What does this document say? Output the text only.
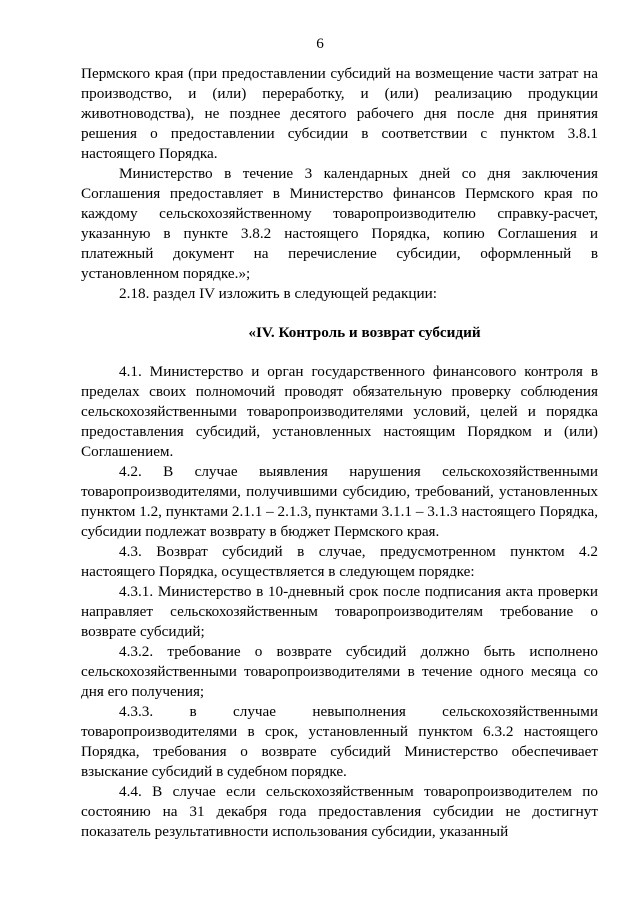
6

Пермского края (при предоставлении субсидий на возмещение части затрат на производство, и (или) переработку, и (или) реализацию продукции животноводства), не позднее десятого рабочего дня после дня принятия решения о предоставлении субсидии в соответствии с пунктом 3.8.1 настоящего Порядка.

Министерство в течение 3 календарных дней со дня заключения Соглашения предоставляет в Министерство финансов Пермского края по каждому сельскохозяйственному товаропроизводителю справку-расчет, указанную в пункте 3.8.2 настоящего Порядка, копию Соглашения и платежный документ на перечисление субсидии, оформленный в установленном порядке.»;

2.18. раздел IV изложить в следующей редакции:

«IV. Контроль и возврат субсидий

4.1. Министерство и орган государственного финансового контроля в пределах своих полномочий проводят обязательную проверку соблюдения сельскохозяйственными товаропроизводителями условий, целей и порядка предоставления субсидий, установленных настоящим Порядком и (или) Соглашением.

4.2. В случае выявления нарушения сельскохозяйственными товаропроизводителями, получившими субсидию, требований, установленных пунктом 1.2, пунктами 2.1.1 – 2.1.3, пунктами 3.1.1 – 3.1.3 настоящего Порядка, субсидии подлежат возврату в бюджет Пермского края.

4.3. Возврат субсидий в случае, предусмотренном пунктом 4.2 настоящего Порядка, осуществляется в следующем порядке:

4.3.1. Министерство в 10-дневный срок после подписания акта проверки направляет сельскохозяйственным товаропроизводителям требование о возврате субсидий;

4.3.2. требование о возврате субсидий должно быть исполнено сельскохозяйственными товаропроизводителями в течение одного месяца со дня его получения;

4.3.3. в случае невыполнения сельскохозяйственными товаропроизводителями в срок, установленный пунктом 6.3.2 настоящего Порядка, требования о возврате субсидий Министерство обеспечивает взыскание субсидий в судебном порядке.

4.4. В случае если сельскохозяйственным товаропроизводителем по состоянию на 31 декабря года предоставления субсидии не достигнут показатель результативности использования субсидии, указанный
